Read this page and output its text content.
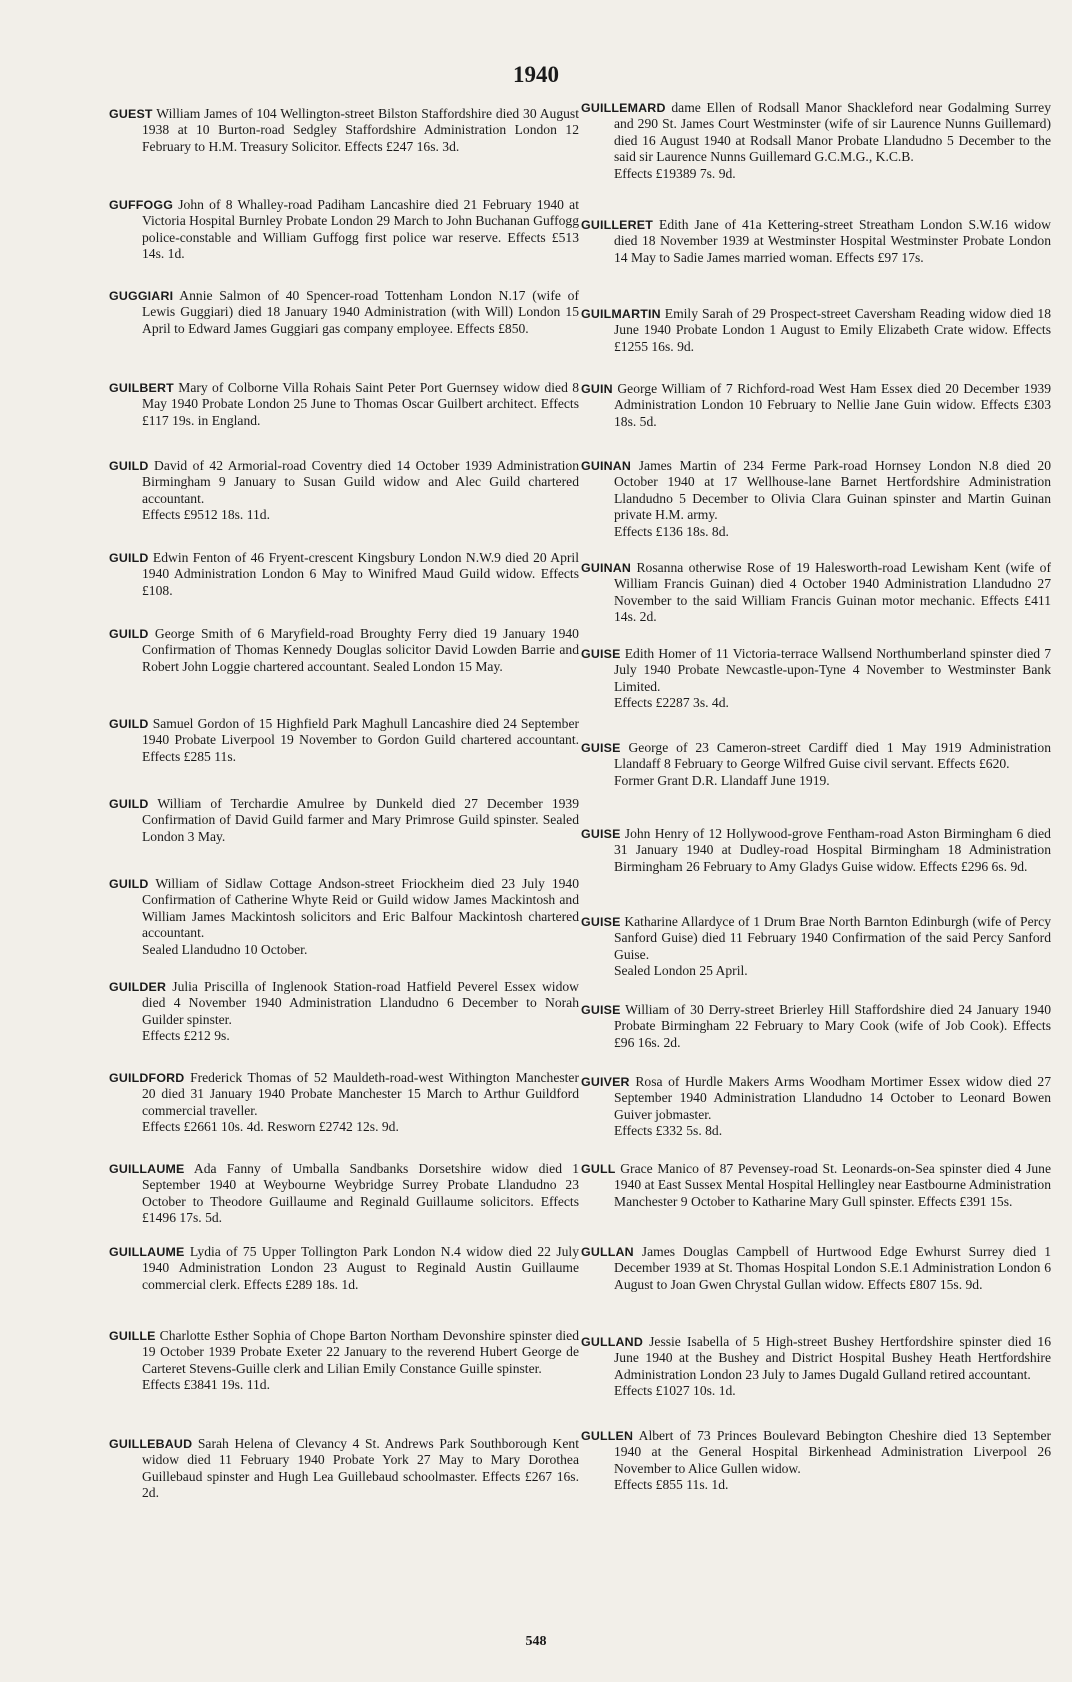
1940

GUEST William James of 104 Wellington-street Bilston Staffordshire died 30 August 1938 at 10 Burton-road Sedgley Staffordshire Administration London 12 February to H.M. Treasury Solicitor. Effects £247 16s. 3d.

GUFFOGG John of 8 Whalley-road Padiham Lancashire died 21 February 1940 at Victoria Hospital Burnley Probate London 29 March to John Buchanan Guffogg police-constable and William Guffogg first police war reserve. Effects £513 14s. 1d.

GUGGIARI Annie Salmon of 40 Spencer-road Tottenham London N.17 (wife of Lewis Guggiari) died 18 January 1940 Administration (with Will) London 15 April to Edward James Guggiari gas company employee. Effects £850.

GUILBERT Mary of Colborne Villa Rohais Saint Peter Port Guernsey widow died 8 May 1940 Probate London 25 June to Thomas Oscar Guilbert architect. Effects £117 19s. in England.

GUILD David of 42 Armorial-road Coventry died 14 October 1939 Administration Birmingham 9 January to Susan Guild widow and Alec Guild chartered accountant.

Effects £9512 18s. 11d.

GUILD Edwin Fenton of 46 Fryent-crescent Kingsbury London N.W.9 died 20 April 1940 Administration London 6 May to Winifred Maud Guild widow. Effects £108.

GUILD George Smith of 6 Maryfield-road Broughty Ferry died 19 January 1940 Confirmation of Thomas Kennedy Douglas solicitor David Lowden Barrie and Robert John Loggie chartered accountant. Sealed London 15 May.

GUILD Samuel Gordon of 15 Highfield Park Maghull Lancashire died 24 September 1940 Probate Liverpool 19 November to Gordon Guild chartered accountant. Effects £285 11s.

GUILD William of Terchardie Amulree by Dunkeld died 27 December 1939 Confirmation of David Guild farmer and Mary Primrose Guild spinster. Sealed London 3 May.

GUILD William of Sidlaw Cottage Andson-street Friockheim died 23 July 1940 Confirmation of Catherine Whyte Reid or Guild widow James Mackintosh and William James Mackintosh solicitors and Eric Balfour Mackintosh chartered accountant.

Sealed Llandudno 10 October.

GUILDER Julia Priscilla of Inglenook Station-road Hatfield Peverel Essex widow died 4 November 1940 Administration Llandudno 6 December to Norah Guilder spinster.

Effects £212 9s.

GUILDFORD Frederick Thomas of 52 Mauldeth-road-west Withington Manchester 20 died 31 January 1940 Probate Manchester 15 March to Arthur Guildford commercial traveller.

Effects £2661 10s. 4d. Resworn £2742 12s. 9d.

GUILLAUME Ada Fanny of Umballa Sandbanks Dorsetshire widow died 1 September 1940 at Weybourne Weybridge Surrey Probate Llandudno 23 October to Theodore Guillaume and Reginald Guillaume solicitors. Effects £1496 17s. 5d.

GUILLAUME Lydia of 75 Upper Tollington Park London N.4 widow died 22 July 1940 Administration London 23 August to Reginald Austin Guillaume commercial clerk. Effects £289 18s. 1d.

GUILLE Charlotte Esther Sophia of Chope Barton Northam Devonshire spinster died 19 October 1939 Probate Exeter 22 January to the reverend Hubert George de Carteret Stevens-Guille clerk and Lilian Emily Constance Guille spinster.

Effects £3841 19s. 11d.

GUILLEBAUD Sarah Helena of Clevancy 4 St. Andrews Park Southborough Kent widow died 11 February 1940 Probate York 27 May to Mary Dorothea Guillebaud spinster and Hugh Lea Guillebaud schoolmaster. Effects £267 16s. 2d.

GUILLEMARD dame Ellen of Rodsall Manor Shackleford near Godalming Surrey and 290 St. James Court Westminster (wife of sir Laurence Nunns Guillemard) died 16 August 1940 at Rodsall Manor Probate Llandudno 5 December to the said sir Laurence Nunns Guillemard G.C.M.G., K.C.B.

Effects £19389 7s. 9d.

GUILLERET Edith Jane of 41a Kettering-street Streatham London S.W.16 widow died 18 November 1939 at Westminster Hospital Westminster Probate London 14 May to Sadie James married woman. Effects £97 17s.

GUILMARTIN Emily Sarah of 29 Prospect-street Caversham Reading widow died 18 June 1940 Probate London 1 August to Emily Elizabeth Crate widow. Effects £1255 16s. 9d.

GUIN George William of 7 Richford-road West Ham Essex died 20 December 1939 Administration London 10 February to Nellie Jane Guin widow. Effects £303 18s. 5d.

GUINAN James Martin of 234 Ferme Park-road Hornsey London N.8 died 20 October 1940 at 17 Wellhouse-lane Barnet Hertfordshire Administration Llandudno 5 December to Olivia Clara Guinan spinster and Martin Guinan private H.M. army.

Effects £136 18s. 8d.

GUINAN Rosanna otherwise Rose of 19 Halesworth-road Lewisham Kent (wife of William Francis Guinan) died 4 October 1940 Administration Llandudno 27 November to the said William Francis Guinan motor mechanic. Effects £411 14s. 2d.

GUISE Edith Homer of 11 Victoria-terrace Wallsend Northumberland spinster died 7 July 1940 Probate Newcastle-upon-Tyne 4 November to Westminster Bank Limited.

Effects £2287 3s. 4d.

GUISE George of 23 Cameron-street Cardiff died 1 May 1919 Administration Llandaff 8 February to George Wilfred Guise civil servant. Effects £620.

Former Grant D.R. Llandaff June 1919.

GUISE John Henry of 12 Hollywood-grove Fentham-road Aston Birmingham 6 died 31 January 1940 at Dudley-road Hospital Birmingham 18 Administration Birmingham 26 February to Amy Gladys Guise widow. Effects £296 6s. 9d.

GUISE Katharine Allardyce of 1 Drum Brae North Barnton Edinburgh (wife of Percy Sanford Guise) died 11 February 1940 Confirmation of the said Percy Sanford Guise.

Sealed London 25 April.

GUISE William of 30 Derry-street Brierley Hill Staffordshire died 24 January 1940 Probate Birmingham 22 February to Mary Cook (wife of Job Cook). Effects £96 16s. 2d.

GUIVER Rosa of Hurdle Makers Arms Woodham Mortimer Essex widow died 27 September 1940 Administration Llandudno 14 October to Leonard Bowen Guiver jobmaster.

Effects £332 5s. 8d.

GULL Grace Manico of 87 Pevensey-road St. Leonards-on-Sea spinster died 4 June 1940 at East Sussex Mental Hospital Hellingley near Eastbourne Administration Manchester 9 October to Katharine Mary Gull spinster. Effects £391 15s.

GULLAN James Douglas Campbell of Hurtwood Edge Ewhurst Surrey died 1 December 1939 at St. Thomas Hospital London S.E.1 Administration London 6 August to Joan Gwen Chrystal Gullan widow. Effects £807 15s. 9d.

GULLAND Jessie Isabella of 5 High-street Bushey Hertfordshire spinster died 16 June 1940 at the Bushey and District Hospital Bushey Heath Hertfordshire Administration London 23 July to James Dugald Gulland retired accountant.

Effects £1027 10s. 1d.

GULLEN Albert of 73 Princes Boulevard Bebington Cheshire died 13 September 1940 at the General Hospital Birkenhead Administration Liverpool 26 November to Alice Gullen widow.

Effects £855 11s. 1d.

548
